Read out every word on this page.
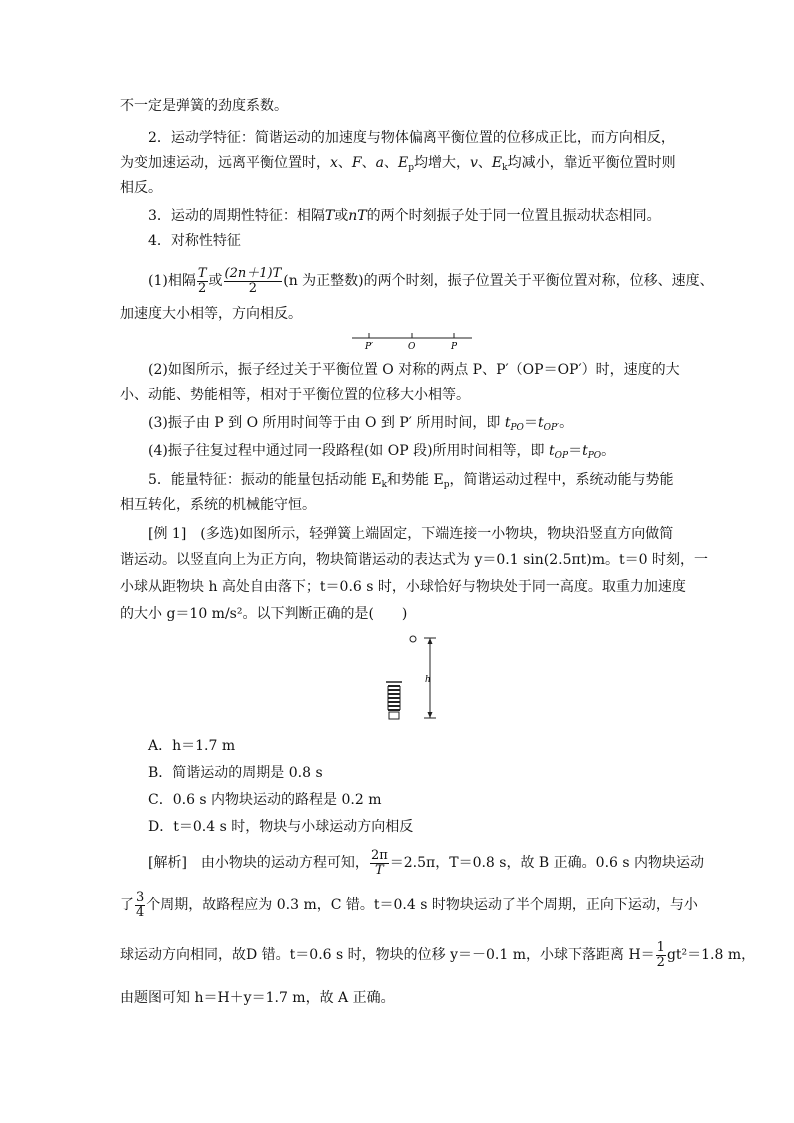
不一定是弹簧的劲度系数。
2．运动学特征：简谐运动的加速度与物体偏离平衡位置的位移成正比，而方向相反，
为变加速运动，远离平衡位置时，x、F、a、$E_p$均增大，v、$E_k$均减小，靠近平衡位置时则
相反。
3．运动的周期性特征：相隔T或nT的两个时刻振子处于同一位置且振动状态相同。
4．对称性特征
(1)相隔 $\frac{T}{2}$ 或 $\frac{(2n+1)T}{2} (n$ 为正整数)的两个时刻，振子位置关于平衡位置对称，位移、速度、
加速度大小相等，方向相反。
P′	O	P
(2)如图所示，振子经过关于平衡位置 O 对称的两点 P、P′（OP＝OP′）时，速度的大
小、动能、势能相等，相对于平衡位置的位移大小相等。
(3)振子由 P 到 O 所用时间等于由 O 到 P′ 所用时间，即 $t_{PO}=t_{OP'}$。
(4)振子往复过程中通过同一段路程(如 OP 段)所用时间相等，即 $t_{OP}=t_{PO}$。
5．能量特征：振动的能量包括动能 $E_k$和势能 $E_p$，简谐运动过程中，系统动能与势能
相互转化，系统的机械能守恒。
[例 1]　(多选)如图所示，轻弹簧上端固定，下端连接一小物块，物块沿竖直方向做简
谐运动。以竖直向上为正方向，物块简谐运动的表达式为 y＝0.1 sin(2.5πt)m。t＝0 时刻，一
小球从距物块 h 高处自由落下；t＝0.6 s 时，小球恰好与物块处于同一高度。取重力加速度
的大小 g＝10 m/s²。以下判断正确的是(　　)
h
A．h＝1.7 m
B．简谐运动的周期是 0.8 s
C．0.6 s 内物块运动的路程是 0.2 m
D．t＝0.4 s 时，物块与小球运动方向相反
[解析]　由小物块的运动方程可知， $\frac{2\pi}{T} =2.5\pi$，T＝0.8 s，故 B 正确。0.6 s 内物块运动
了 $\frac{3}{4}$ 个周期，故路程应为 0.3 m，C 错。t＝0.4 s 时物块运动了半个周期，正向下运动，与小
球运动方向相同，故D 错。t＝0.6 s 时，物块的位移 y＝－0.1 m，小球下落距离 $H= \frac{1}{2} gt^2=1.8$ m，
由题图可知 h＝H＋y＝1.7 m，故 A 正确。
